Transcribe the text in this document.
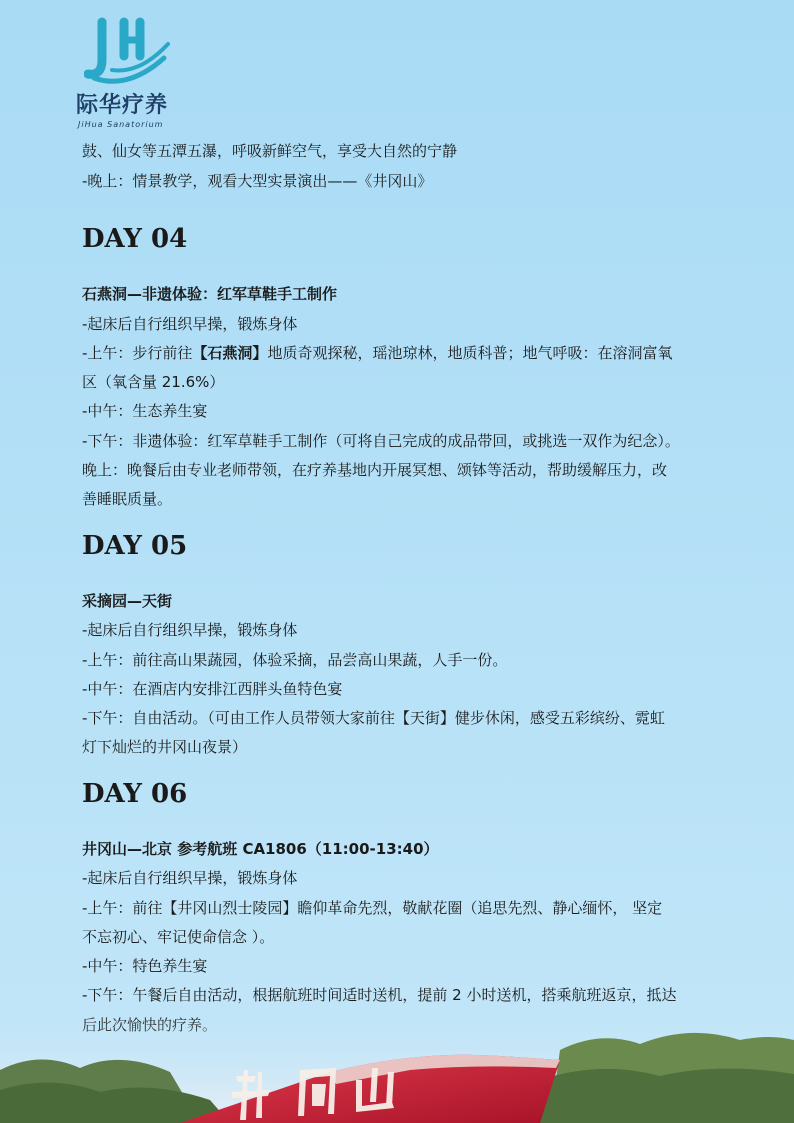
际华疗养
JiHua Sanatorium
鼓、仙女等五潭五瀑，呼吸新鲜空气，享受大自然的宁静
-晚上：情景教学，观看大型实景演出——《井冈山》
DAY 04
石燕洞—非遗体验：红军草鞋手工制作
-起床后自行组织早操，锻炼身体
-上午：步行前往【石燕洞】地质奇观探秘，瑶池琼林，地质科普；地气呼吸：在溶洞富氧
区（氧含量 21.6%）
-中午：生态养生宴
-下午：非遗体验：红军草鞋手工制作（可将自己完成的成品带回，或挑选一双作为纪念）。
晚上：晚餐后由专业老师带领，在疗养基地内开展冥想、颂钵等活动，帮助缓解压力，改
善睡眠质量。
DAY 05
采摘园—天街
-起床后自行组织早操，锻炼身体
-上午：前往高山果蔬园，体验采摘，品尝高山果蔬，人手一份。
-中午：在酒店内安排江西胖头鱼特色宴
-下午：自由活动。（可由工作人员带领大家前往【天街】健步休闲，感受五彩缤纷、霓虹
灯下灿烂的井冈山夜景）
DAY 06
井冈山—北京 参考航班 CA1806（11:00-13:40）
-起床后自行组织早操，锻炼身体
-上午：前往【井冈山烈士陵园】瞻仰革命先烈，敬献花圈（追思先烈、静心缅怀， 坚定
不忘初心、牢记使命信念 ）。
-中午：特色养生宴
-下午：午餐后自由活动，根据航班时间适时送机，提前 2 小时送机，搭乘航班返京，抵达
